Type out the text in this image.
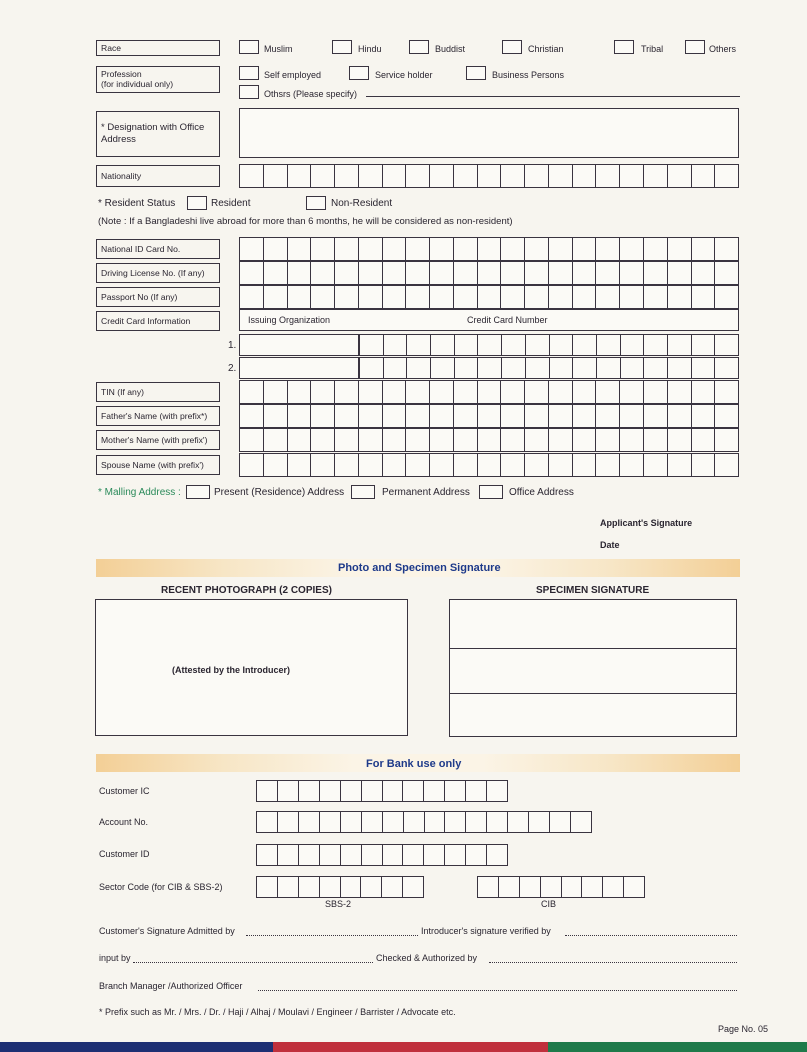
Race	Muslim	Hindu	Buddist	Christian	Tribal	Others
Profession
(for individual only)
Self employed	Service holder	Business Persons
Othsrs (Please specify)
* Designation with Office Address
Nationality
* Resident Status	Resident	Non-Resident
(Note : If a Bangladeshi live abroad for more than 6 months, he will be considered as non-resident)
National ID Card No.
Driving License No. (If any)
Passport No (If any)
Credit Card Information	Issuing Organization	Credit Card Number
1.
2.
TIN (If any)
Father's Name (with prefix*)
Mother's Name (with prefix')
Spouse Name (with prefix')
* Malling Address :	Present (Residence) Address	Permanent Address	Office Address
Applicant's Signature
Date
Photo and Specimen Signature
RECENT PHOTOGRAPH (2 COPIES)
(Attested by the Introducer)
SPECIMEN SIGNATURE
For Bank use only
Customer IC
Account No.
Customer ID
Sector Code (for CIB & SBS-2)
SBS-2	CIB
Customer's Signature Admitted by	Introducer's signature verified by
input by	Checked & Authorized by
Branch Manager /Authorized Officer
* Prefix such as Mr. / Mrs. / Dr. / Haji / Alhaj / Moulavi / Engineer / Barrister / Advocate etc.
Page No. 05
